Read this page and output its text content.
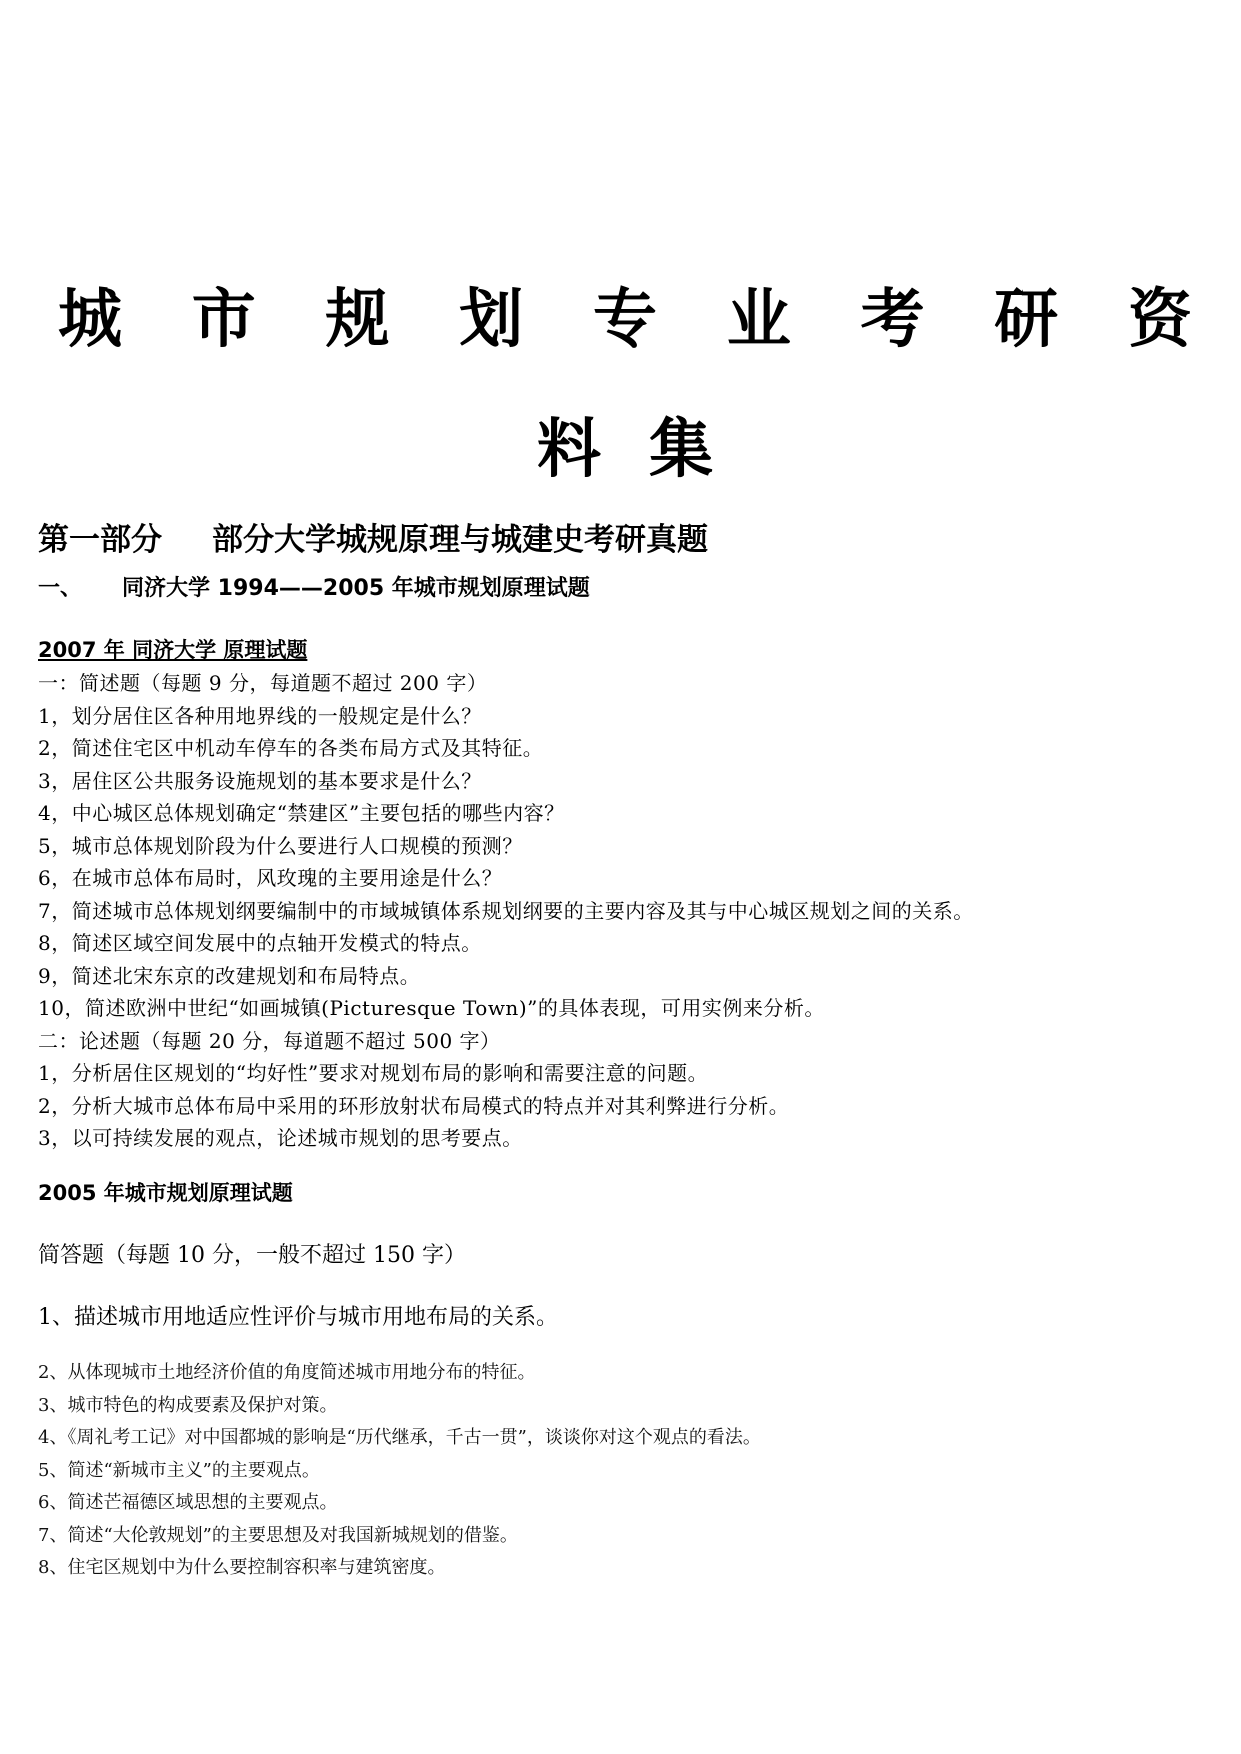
城 市 规 划 专 业 考 研 资
料集
第一部分 部分大学城规原理与城建史考研真题
一、 同济大学 1994——2005 年城市规划原理试题
2007 年 同济大学 原理试题
一：简述题（每题 9 分，每道题不超过 200 字）
1，划分居住区各种用地界线的一般规定是什么？
2，简述住宅区中机动车停车的各类布局方式及其特征。
3，居住区公共服务设施规划的基本要求是什么？
4，中心城区总体规划确定“禁建区”主要包括的哪些内容？
5，城市总体规划阶段为什么要进行人口规模的预测？
6，在城市总体布局时，风玫瑰的主要用途是什么？
7，简述城市总体规划纲要编制中的市域城镇体系规划纲要的主要内容及其与中心城区规划之间的关系。
8，简述区域空间发展中的点轴开发模式的特点。
9，简述北宋东京的改建规划和布局特点。
10，简述欧洲中世纪“如画城镇(Picturesque Town)”的具体表现，可用实例来分析。
二：论述题（每题 20 分，每道题不超过 500 字）
1，分析居住区规划的“均好性”要求对规划布局的影响和需要注意的问题。
2，分析大城市总体布局中采用的环形放射状布局模式的特点并对其利弊进行分析。
3，以可持续发展的观点，论述城市规划的思考要点。
2005 年城市规划原理试题
简答题（每题 10 分，一般不超过 150 字）
1、描述城市用地适应性评价与城市用地布局的关系。
2、从体现城市土地经济价值的角度简述城市用地分布的特征。
3、城市特色的构成要素及保护对策。
4、《周礼考工记》对中国都城的影响是“历代继承，千古一贯”，谈谈你对这个观点的看法。
5、简述“新城市主义”的主要观点。
6、简述芒福德区域思想的主要观点。
7、简述“大伦敦规划”的主要思想及对我国新城规划的借鉴。
8、住宅区规划中为什么要控制容积率与建筑密度。
